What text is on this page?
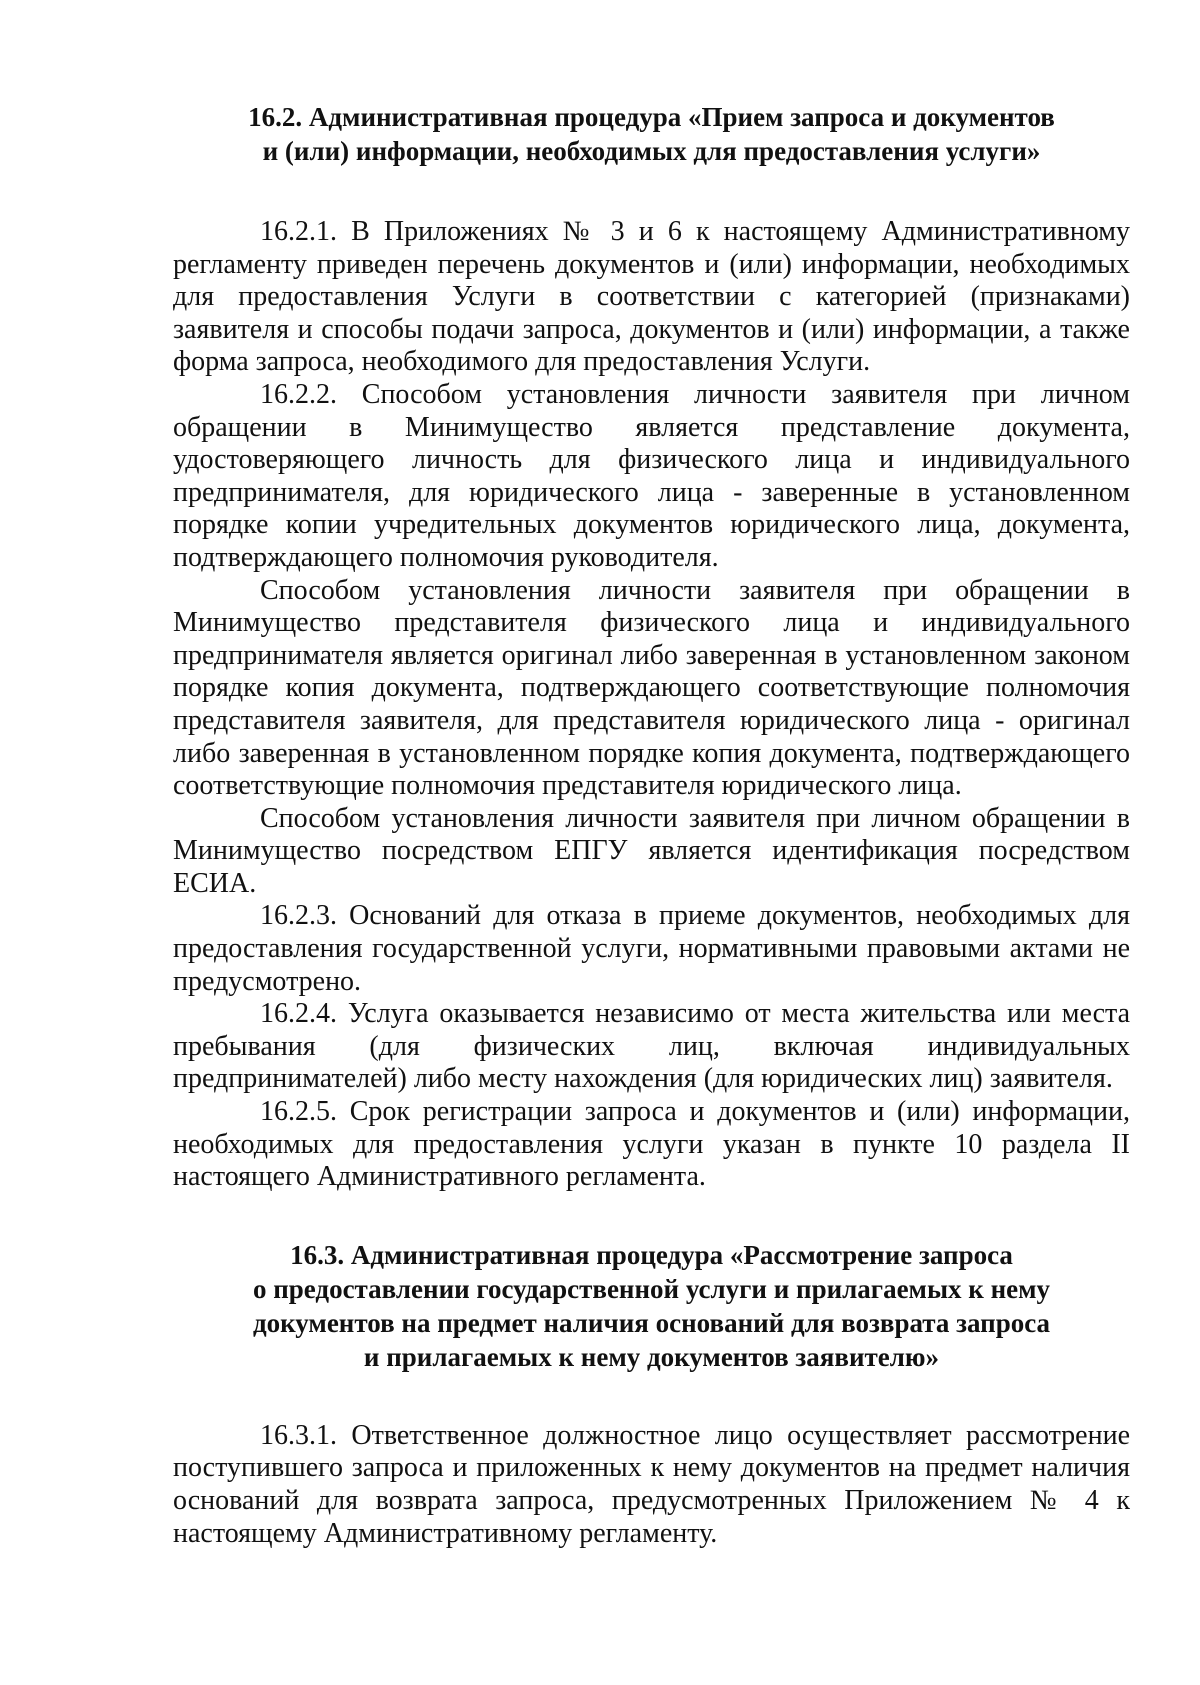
16.2. Административная процедура «Прием запроса и документов
и (или) информации, необходимых для предоставления услуги»

16.2.1. В Приложениях № 3 и 6 к настоящему Административному регламенту приведен перечень документов и (или) информации, необходимых для предоставления Услуги в соответствии с категорией (признаками) заявителя и способы подачи запроса, документов и (или) информации, а также форма запроса, необходимого для предоставления Услуги.

16.2.2. Способом установления личности заявителя при личном обращении в Минимущество является представление документа, удостоверяющего личность для физического лица и индивидуального предпринимателя, для юридического лица - заверенные в установленном порядке копии учредительных документов юридического лица, документа, подтверждающего полномочия руководителя.

Способом установления личности заявителя при обращении в Минимущество представителя физического лица и индивидуального предпринимателя является оригинал либо заверенная в установленном законом порядке копия документа, подтверждающего соответствующие полномочия представителя заявителя, для представителя юридического лица - оригинал либо заверенная в установленном порядке копия документа, подтверждающего соответствующие полномочия представителя юридического лица.

Способом установления личности заявителя при личном обращении в Минимущество посредством ЕПГУ является идентификация посредством ЕСИА.

16.2.3. Оснований для отказа в приеме документов, необходимых для предоставления государственной услуги, нормативными правовыми актами не предусмотрено.

16.2.4. Услуга оказывается независимо от места жительства или места пребывания (для физических лиц, включая индивидуальных предпринимателей) либо месту нахождения (для юридических лиц) заявителя.

16.2.5. Срок регистрации запроса и документов и (или) информации, необходимых для предоставления услуги указан в пункте 10 раздела II настоящего Административного регламента.

16.3. Административная процедура «Рассмотрение запроса
о предоставлении государственной услуги и прилагаемых к нему
документов на предмет наличия оснований для возврата запроса
и прилагаемых к нему документов заявителю»

16.3.1. Ответственное должностное лицо осуществляет рассмотрение поступившего запроса и приложенных к нему документов на предмет наличия оснований для возврата запроса, предусмотренных Приложением № 4 к настоящему Административному регламенту.
